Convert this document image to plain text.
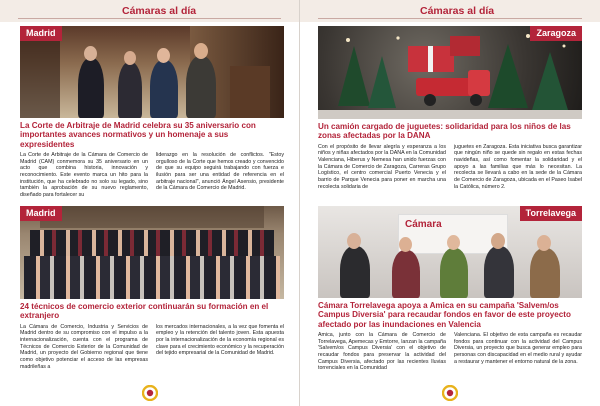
Cámaras al día
Madrid
La Corte de Arbitraje de Madrid celebra su 35 aniversario con importantes avances normativos y un homenaje a sus expresidentes
La Corte de Arbitraje de la Cámara de Comercio de Madrid (CAM) conmemora su 35 aniversario en un acto que combina historia, innovación y reconocimiento. Este evento marca un hito para la institución, que ha celebrado no solo su legado, sino también la aprobación de su nuevo reglamento, diseñado para fortalecer su
liderazgo en la resolución de conflictos. "Estoy orgulloso de la Corte que hemos creado y convencido de que su equipo seguirá trabajando con fuerza e ilusión para ser una entidad de referencia en el arbitraje nacional", anunció Ángel Asensio, presidente de la Cámara de Comercio de Madrid.
Madrid
24 técnicos de comercio exterior continuarán su formación en el extranjero
La Cámara de Comercio, Industria y Servicios de Madrid dentro de su compromiso con el impulso a la internacionalización, cuenta con el programa de Técnicos de Comercio Exterior de la Comunidad de Madrid, un proyecto del Gobierno regional que tiene como objetivo potenciar el acceso de las empresas madrileñas a
los mercados internacionales, a la vez que fomenta el empleo y la retención del talento joven. Esta apuesta por la internacionalización de la economía regional es clave para el crecimiento económico y la recuperación del tejido empresarial de la Comunidad de Madrid.
Cámaras al día
Zaragoza
Un camión cargado de juguetes: solidaridad para los niños de las zonas afectadas por la DANA
Con el propósito de llevar alegría y esperanza a los niños y niñas afectados por la DANA en la Comunidad Valenciana, Hiberus y Nemesa han unido fuerzas con la Cámara de Comercio de Zaragoza, Carreras Grupo Logístico, el centro comercial Puerto Venecia y el barrio de Parque Venecia para poner en marcha una recolecta solidaria de
juguetes en Zaragoza. Esta iniciativa busca garantizar que ningún niño se quede sin regalo en estas fechas navideñas, así como fomentar la solidaridad y el apoyo a las familias que más lo necesitan. La recolecta se llevará a cabo en la sede de la Cámara de Comercio de Zaragoza, ubicada en el Paseo Isabel la Católica, número 2.
Torrelavega
Cámara
Cámara Torrelavega apoya a Amica en su campaña 'Salvem/os Campus Diversia' para recaudar fondos en favor de este proyecto afectado por las inundaciones en Valencia
Amica, junto con la Cámara de Comercio de Torrelavega, Apemecas y Emtorre, lanzan la campaña 'Salvem/os Campus Diversia' con el objetivo de recaudar fondos para preservar la actividad del Campus Diversia, afectado por las recientes lluvias torrenciales en la Comunidad
Valenciana. El objetivo de esta campaña es recaudar fondos para continuar con la actividad del Campus Diversia, un proyecto que busca generar empleo para personas con discapacidad en el medio rural y ayudar a restaurar y mantener el entorno natural de la zona.
